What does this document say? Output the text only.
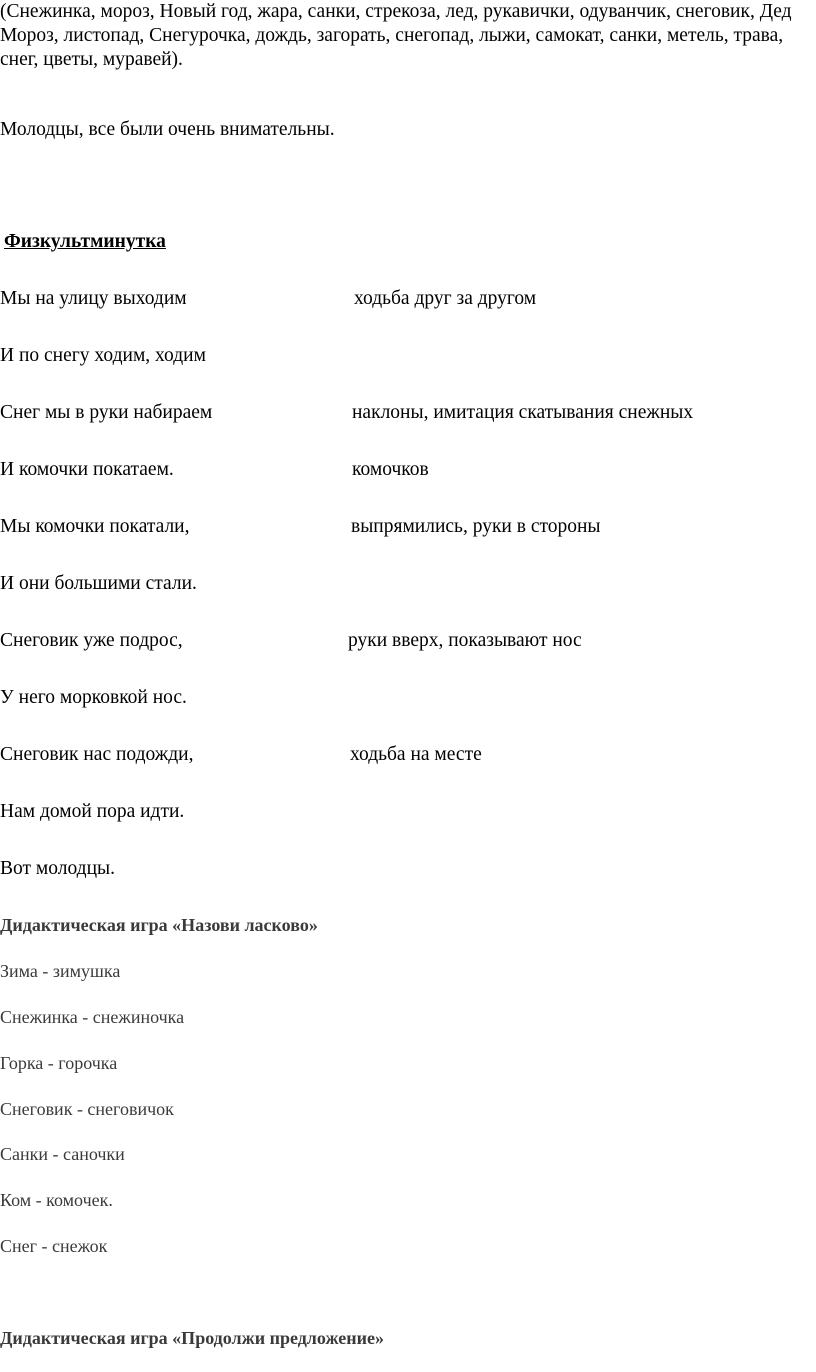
(Снежинка, мороз, Новый год, жара, санки, стрекоза, лед, рукавички, одуванчик, снеговик, Дед Мороз, листопад, Снегурочка, дождь, загорать, снегопад, лыжи, самокат, санки, метель, трава, снег, цветы, муравей).

Молодцы, все были очень внимательны.
Физкультминутка
Мы на улицу выходим	ходьба друг за другом
И по снегу ходим, ходим
Снег мы в руки набираем	наклоны, имитация скатывания снежных
И комочки покатаем.	комочков
Мы комочки покатали,	выпрямились, руки в стороны
И они большими стали.
Снеговик уже подрос,	руки вверх, показывают нос
У него морковкой нос.
Снеговик нас подожди,	ходьба на месте
Нам домой пора идти.
Вот молодцы.
Дидактическая игра «Назови ласково»
Зима - зимушка
Снежинка - снежиночка
Горка - горочка
Снеговик - снеговичок
Санки - саночки
Ком - комочек.
Снег - снежок
Дидактическая игра «Продолжи предложение»
